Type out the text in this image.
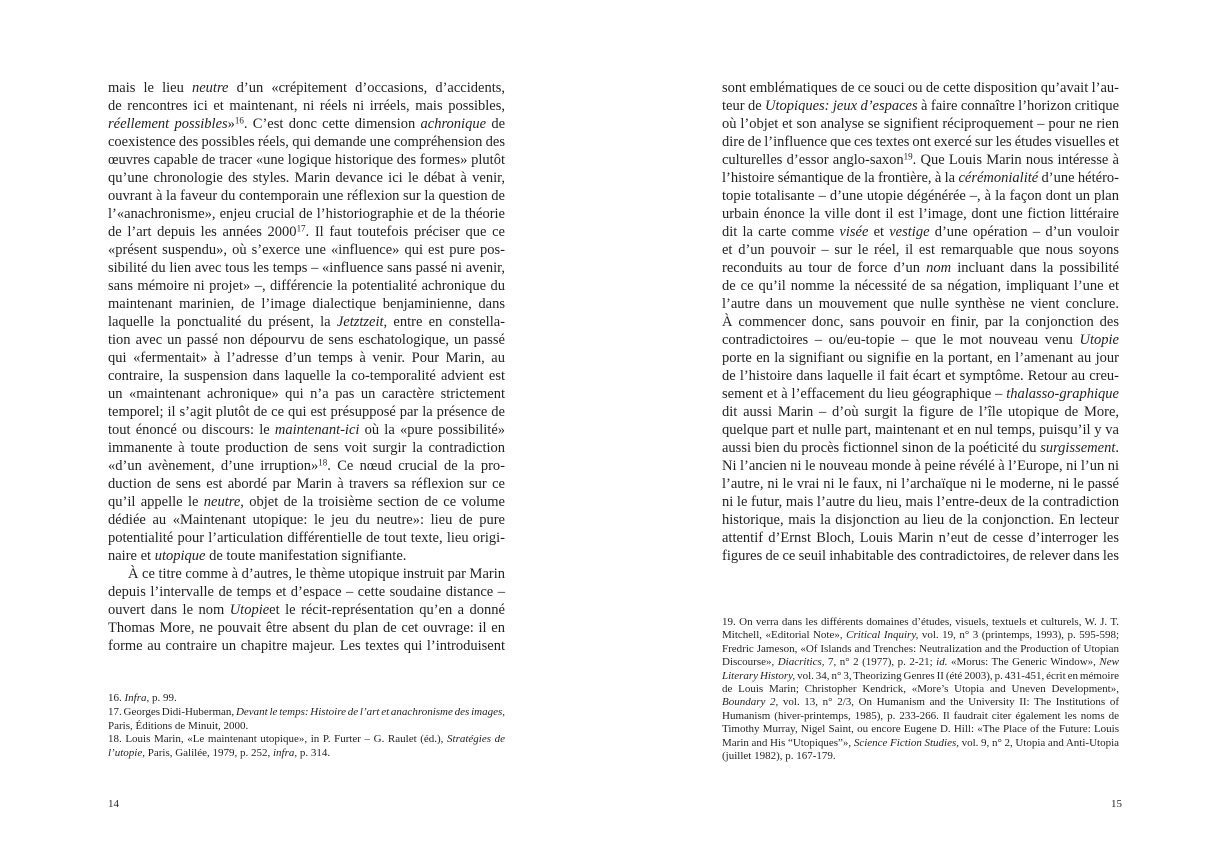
mais le lieu neutre d’un «crépitement d’occasions, d’accidents,
de rencontres ici et maintenant, ni réels ni irréels, mais possibles,
réellement possibles»$^{16}$. C’est donc cette dimension achronique de
coexistence des possibles réels, qui demande une compréhension des
œuvres capable de tracer «une logique historique des formes» plutôt
qu’une chronologie des styles. Marin devance ici le débat à venir,
ouvrant à la faveur du contemporain une réflexion sur la question de
l’«anachronisme», enjeu crucial de l’historiographie et de la théorie
de l’art depuis les années 2000$^{17}$. Il faut toutefois préciser que ce
«présent suspendu», où s’exerce une «influence» qui est pure pos-
sibilité du lien avec tous les temps – «influence sans passé ni avenir,
sans mémoire ni projet» –, différencie la potentialité achronique du
maintenant marinien, de l’image dialectique benjaminienne, dans
laquelle la ponctualité du présent, la Jetztzeit, entre en constella-
tion avec un passé non dépourvu de sens eschatologique, un passé
qui «fermentait» à l’adresse d’un temps à venir. Pour Marin, au
contraire, la suspension dans laquelle la co-temporalité advient est
un «maintenant achronique» qui n’a pas un caractère strictement
temporel; il s’agit plutôt de ce qui est présupposé par la présence de
tout énoncé ou discours: le maintenant-ici où la «pure possibilité»
immanente à toute production de sens voit surgir la contradiction
«d’un avènement, d’une irruption»$^{18}$. Ce nœud crucial de la pro-
duction de sens est abordé par Marin à travers sa réflexion sur ce
qu’il appelle le neutre, objet de la troisième section de ce volume
dédiée au «Maintenant utopique: le jeu du neutre»: lieu de pure
potentialité pour l’articulation différentielle de tout texte, lieu origi-
naire et utopique de toute manifestation signifiante.
À ce titre comme à d’autres, le thème utopique instruit par Marin
depuis l’intervalle de temps et d’espace – cette soudaine distance –
ouvert dans le nom Utopieet le récit-représentation qu’en a donné
Thomas More, ne pouvait être absent du plan de cet ouvrage: il en
forme au contraire un chapitre majeur. Les textes qui l’introduisent
16. Infra, p. 99.
17. Georges Didi-Huberman, Devant le temps: Histoire de l’art et anachronisme des images,
Paris, Éditions de Minuit, 2000.
18. Louis Marin, «Le maintenant utopique», in P. Furter – G. Raulet (éd.), Stratégies de
l’utopie, Paris, Galilée, 1979, p. 252, infra, p. 314.
14
sont emblématiques de ce souci ou de cette disposition qu’avait l’au-
teur de Utopiques: jeux d’espaces à faire connaître l’horizon critique
où l’objet et son analyse se signifient réciproquement – pour ne rien
dire de l’influence que ces textes ont exercé sur les études visuelles et
culturelles d’essor anglo-saxon$^{19}$. Que Louis Marin nous intéresse à
l’histoire sémantique de la frontière, à la cérémonialité d’une hétéro-
topie totalisante – d’une utopie dégénérée –, à la façon dont un plan
urbain énonce la ville dont il est l’image, dont une fiction littéraire
dit la carte comme visée et vestige d’une opération – d’un vouloir
et d’un pouvoir – sur le réel, il est remarquable que nous soyons
reconduits au tour de force d’un nom incluant dans la possibilité
de ce qu’il nomme la nécessité de sa négation, impliquant l’une et
l’autre dans un mouvement que nulle synthèse ne vient conclure.
À commencer donc, sans pouvoir en finir, par la conjonction des
contradictoires – ou/eu-topie – que le mot nouveau venu Utopie
porte en la signifiant ou signifie en la portant, en l’amenant au jour
de l’histoire dans laquelle il fait écart et symptôme. Retour au creu-
sement et à l’effacement du lieu géographique – thalasso-graphique
dit aussi Marin – d’où surgit la figure de l’île utopique de More,
quelque part et nulle part, maintenant et en nul temps, puisqu’il y va
aussi bien du procès fictionnel sinon de la poéticité du surgissement.
Ni l’ancien ni le nouveau monde à peine révélé à l’Europe, ni l’un ni
l’autre, ni le vrai ni le faux, ni l’archaïque ni le moderne, ni le passé
ni le futur, mais l’autre du lieu, mais l’entre-deux de la contradiction
historique, mais la disjonction au lieu de la conjonction. En lecteur
attentif d’Ernst Bloch, Louis Marin n’eut de cesse d’interroger les
figures de ce seuil inhabitable des contradictoires, de relever dans les
19. On verra dans les différents domaines d’études, visuels, textuels et culturels, W. J. T.
Mitchell, «Editorial Note», Critical Inquiry, vol. 19, n° 3 (printemps, 1993), p. 595-598;
Fredric Jameson, «Of Islands and Trenches: Neutralization and the Production of Utopian
Discourse», Diacritics, 7, n° 2 (1977), p. 2-21; id. «Morus: The Generic Window», New
Literary History, vol. 34, n° 3, Theorizing Genres II (été 2003), p. 431-451, écrit en mémoire
de Louis Marin; Christopher Kendrick, «More’s Utopia and Uneven Development»,
Boundary 2, vol. 13, n° 2/3, On Humanism and the University II: The Institutions of
Humanism (hiver-printemps, 1985), p. 233-266. Il faudrait citer également les noms de
Timothy Murray, Nigel Saint, ou encore Eugene D. Hill: «The Place of the Future: Louis
Marin and His “Utopiques”», Science Fiction Studies, vol. 9, n° 2, Utopia and Anti-Utopia
(juillet 1982), p. 167-179.
15
